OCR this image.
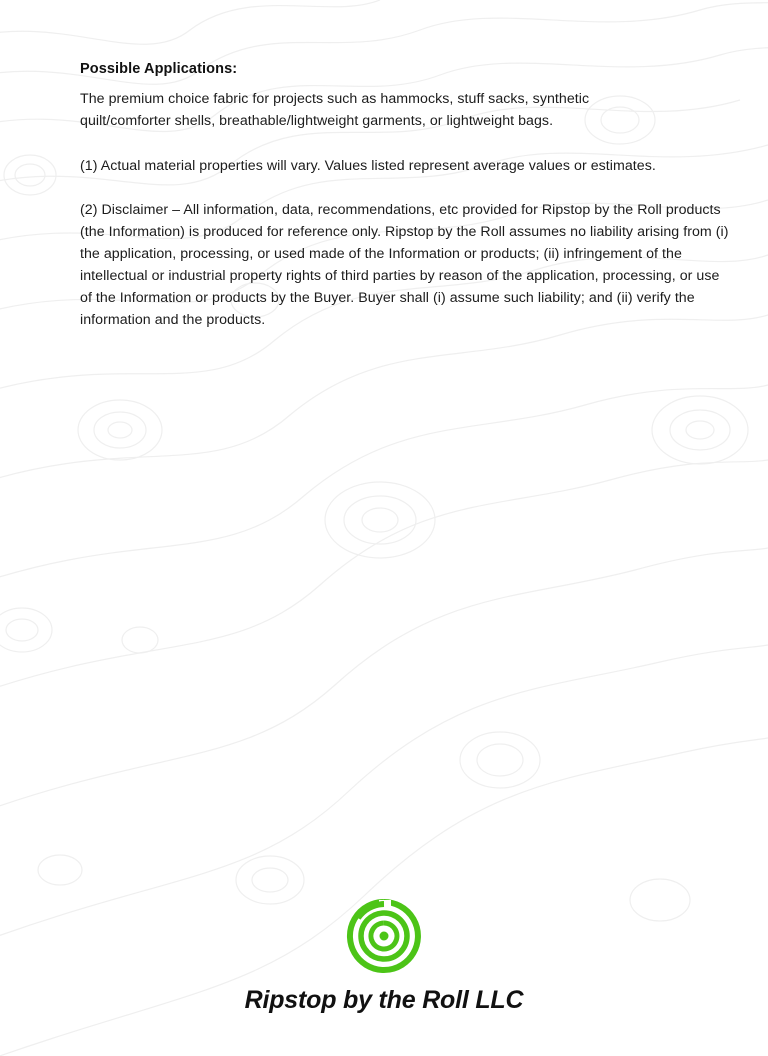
Possible Applications:

The premium choice fabric for projects such as hammocks, stuff sacks, synthetic quilt/comforter shells, breathable/lightweight garments, or lightweight bags.

(1) Actual material properties will vary. Values listed represent average values or estimates.

(2) Disclaimer – All information, data, recommendations, etc provided for Ripstop by the Roll products (the Information) is produced for reference only. Ripstop by the Roll assumes no liability arising from (i) the application, processing, or used made of the Information or products; (ii) infringement of the intellectual or industrial property rights of third parties by reason of the application, processing, or use of the Information or products by the Buyer. Buyer shall (i) assume such liability; and (ii) verify the information and the products.

Ripstop by the Roll LLC
